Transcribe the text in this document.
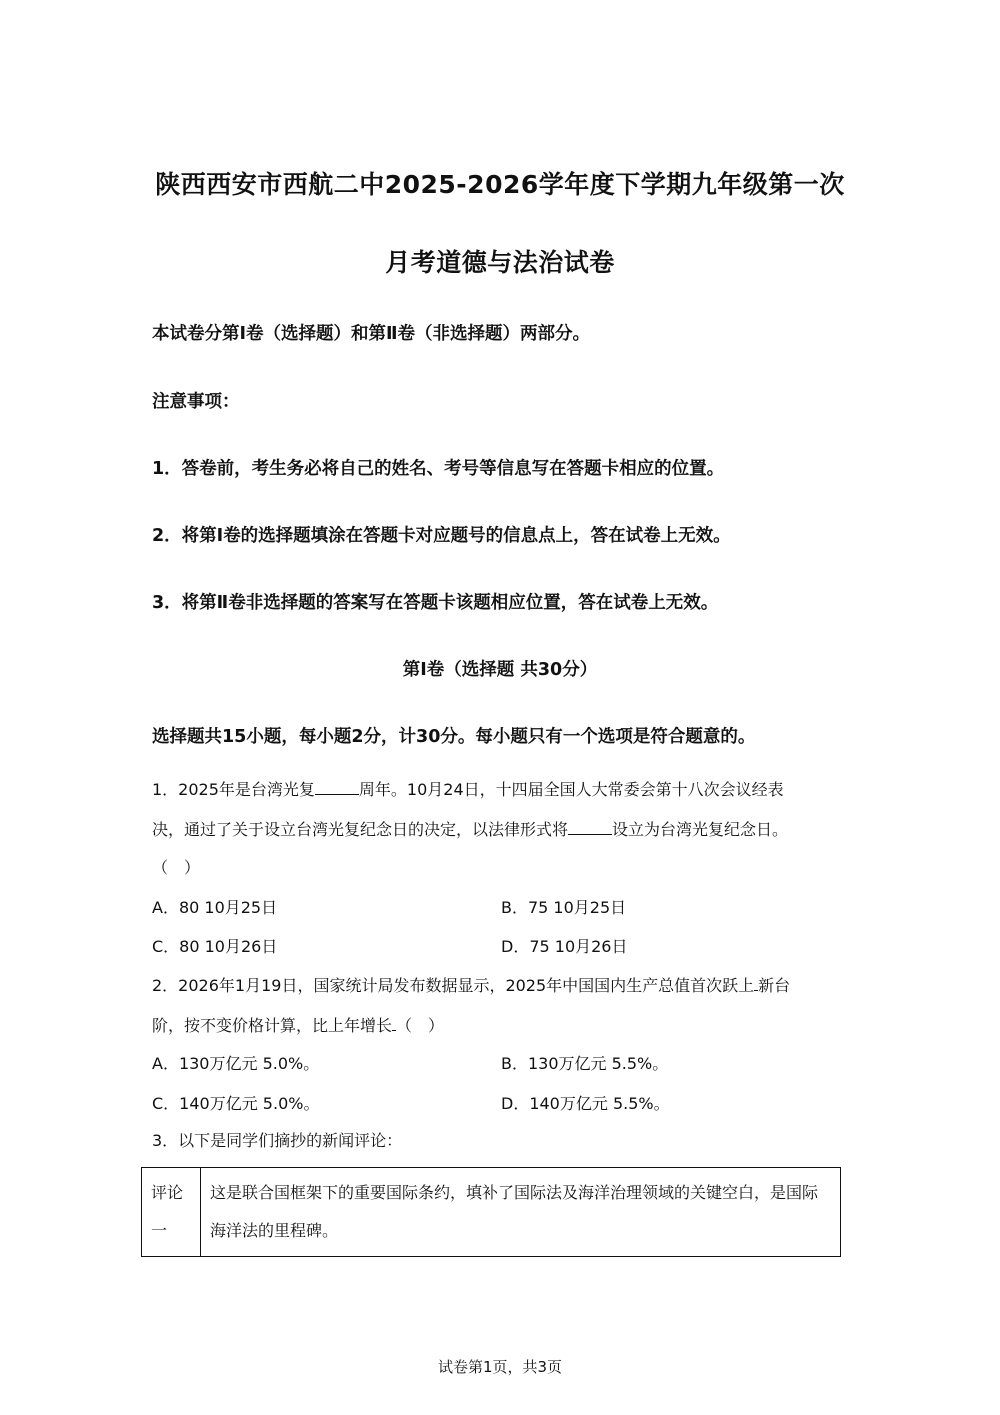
陕西西安市西航二中2025-2026学年度下学期九年级第一次
月考道德与法治试卷
本试卷分第Ⅰ卷（选择题）和第Ⅱ卷（非选择题）两部分。
注意事项：
1．答卷前，考生务必将自己的姓名、考号等信息写在答题卡相应的位置。
2．将第Ⅰ卷的选择题填涂在答题卡对应题号的信息点上，答在试卷上无效。
3．将第Ⅱ卷非选择题的答案写在答题卡该题相应位置，答在试卷上无效。
第Ⅰ卷（选择题 共30分）
选择题共15小题，每小题2分，计30分。每小题只有一个选项是符合题意的。
1．2025年是台湾光复	周年。10月24日，十四届全国人大常委会第十八次会议经表
决，通过了关于设立台湾光复纪念日的决定，以法律形式将	设立为台湾光复纪念日。
（　）
A．80 10月25日	B．75 10月25日
C．80 10月26日	D．75 10月26日
2．2026年1月19日，国家统计局发布数据显示，2025年中国国内生产总值首次跃上 新台
阶，按不变价格计算，比上年增长 （　）
A．130万亿元 5.0%。	B．130万亿元 5.5%。
C．140万亿元 5.0%。	D．140万亿元 5.5%。
3．以下是同学们摘抄的新闻评论：
评论一	这是联合国框架下的重要国际条约，填补了国际法及海洋治理领域的关键空白，是国际海洋法的里程碑。
试卷第1页，共3页
